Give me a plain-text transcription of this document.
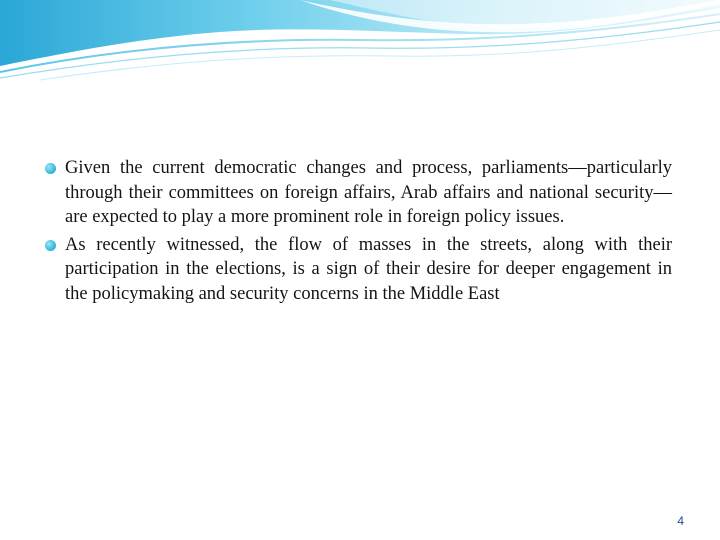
Given the current democratic changes and process, parliaments—particularly through their committees on foreign affairs, Arab affairs and national security— are expected to play a more prominent role in foreign policy issues.
As recently witnessed, the flow of masses in the streets, along with their participation in the elections, is a sign of their desire for deeper engagement in the policymaking and security concerns in the Middle East
4
